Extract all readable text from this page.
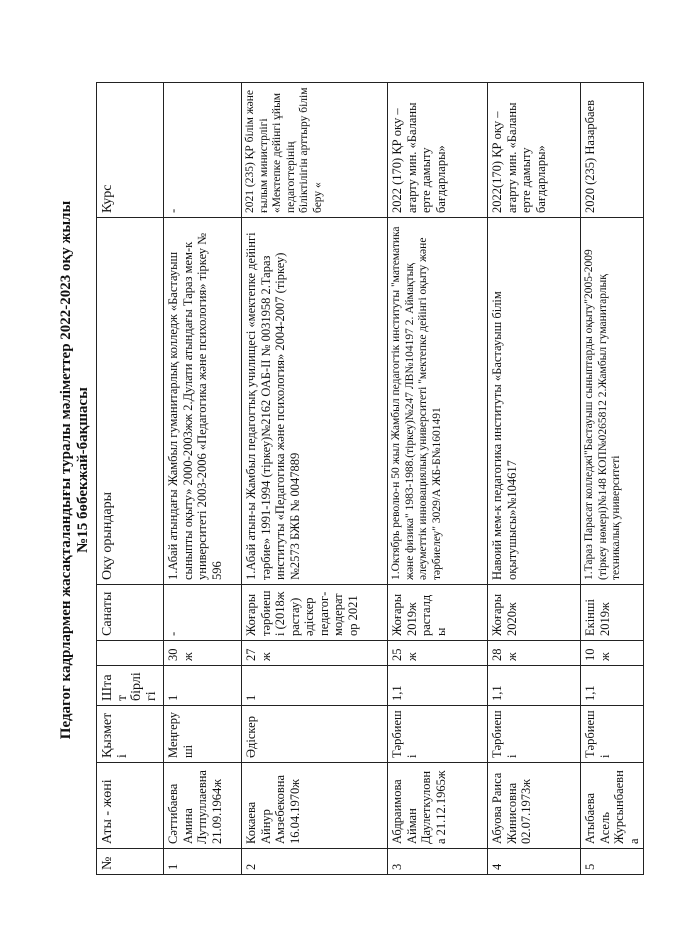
Педагог кадрлармен жасақталандығы туралы мәліметтер 2022-2023 оқу жылы №15 бөбекжай-бақшасы
№	Аты - жөні	Қызметі	Штат бірлігі		Санаты	Оқу орындары	Курс
1	Сәттибаева Амина Лутпуллаевна 21.09.1964ж	Меңгеруші	1	30ж	-	1.Абай атындағы Жамбыл гуманитарлық колледж «Бастауыш сыныпты оқыту» 2000-2003жж 2.Дулати атындағы Тараз мем-к университеті 2003-2006 «Педагогика және психология» тіркеу № 596	-
2	Кокаева Айнур Амзебековна 16.04.1970ж	Әдіскер	1	27ж	Жоғары тәрбиеші (2018ж растау) әдіскер педагог-модератор 2021	1.Абай атын-ы Жамбыл педагогтық училищесі «мектепке дейінгі тәрбие» 1991-1994 (тіркеу)№2162 ОАБ-II № 0031958 2.Тараз институты «Педагогика және психология» 2004-2007 (тіркеу)№2573 БЖБ № 0047889	2021 (235) ҚР білім және ғылым министрлігі «Мектепке дейінгі ұйым педагогтерінің біліктілігін арттыру білім беру «
3	Абдраимова Айман Даулеткуловна 21.12.1965ж	Тәрбиеші	1,1	25ж	Жоғары 2019ж расталды	1.Октябрь револю-н 50 жыл Жамбыл педагогтік институты "математика және физика" 1983-1988.(тіркеу)№247 ЛВ№104197 2. Аймақтық әлеуметтік инновациялық университеті "мектепке дейінгі оқыту және тәрбиелеу" 3029/А ЖБ-Б№1601491	2022 (170) ҚР оқу –ағарту мин. «Баланы ерте дамыту бағдарлары»
4	Абуова Раиса Жинисовна 02.07.1973ж	Тәрбиеші	1,1	28ж	Жоғары 2020ж	Навоий мем-к педагогика институты «Бастауыш білім оқытушысы»№104617	2022(170) ҚР оқу –ағарту мин. «Баланы ерте дамыту бағдарлары»
5	Атыбаева Асель Журсынбаевна	Тәрбиеші	1,1	10ж	Екінші 2019ж	1.Тараз Парасат колледжі"Бастауыш сыныптарды оқыту"2005-2009 (тіркеу нөмері)№148 КОП№0265812 2.Жамбыл гуманитарлық техникалық университеті	2020 (235) Назарбаев
